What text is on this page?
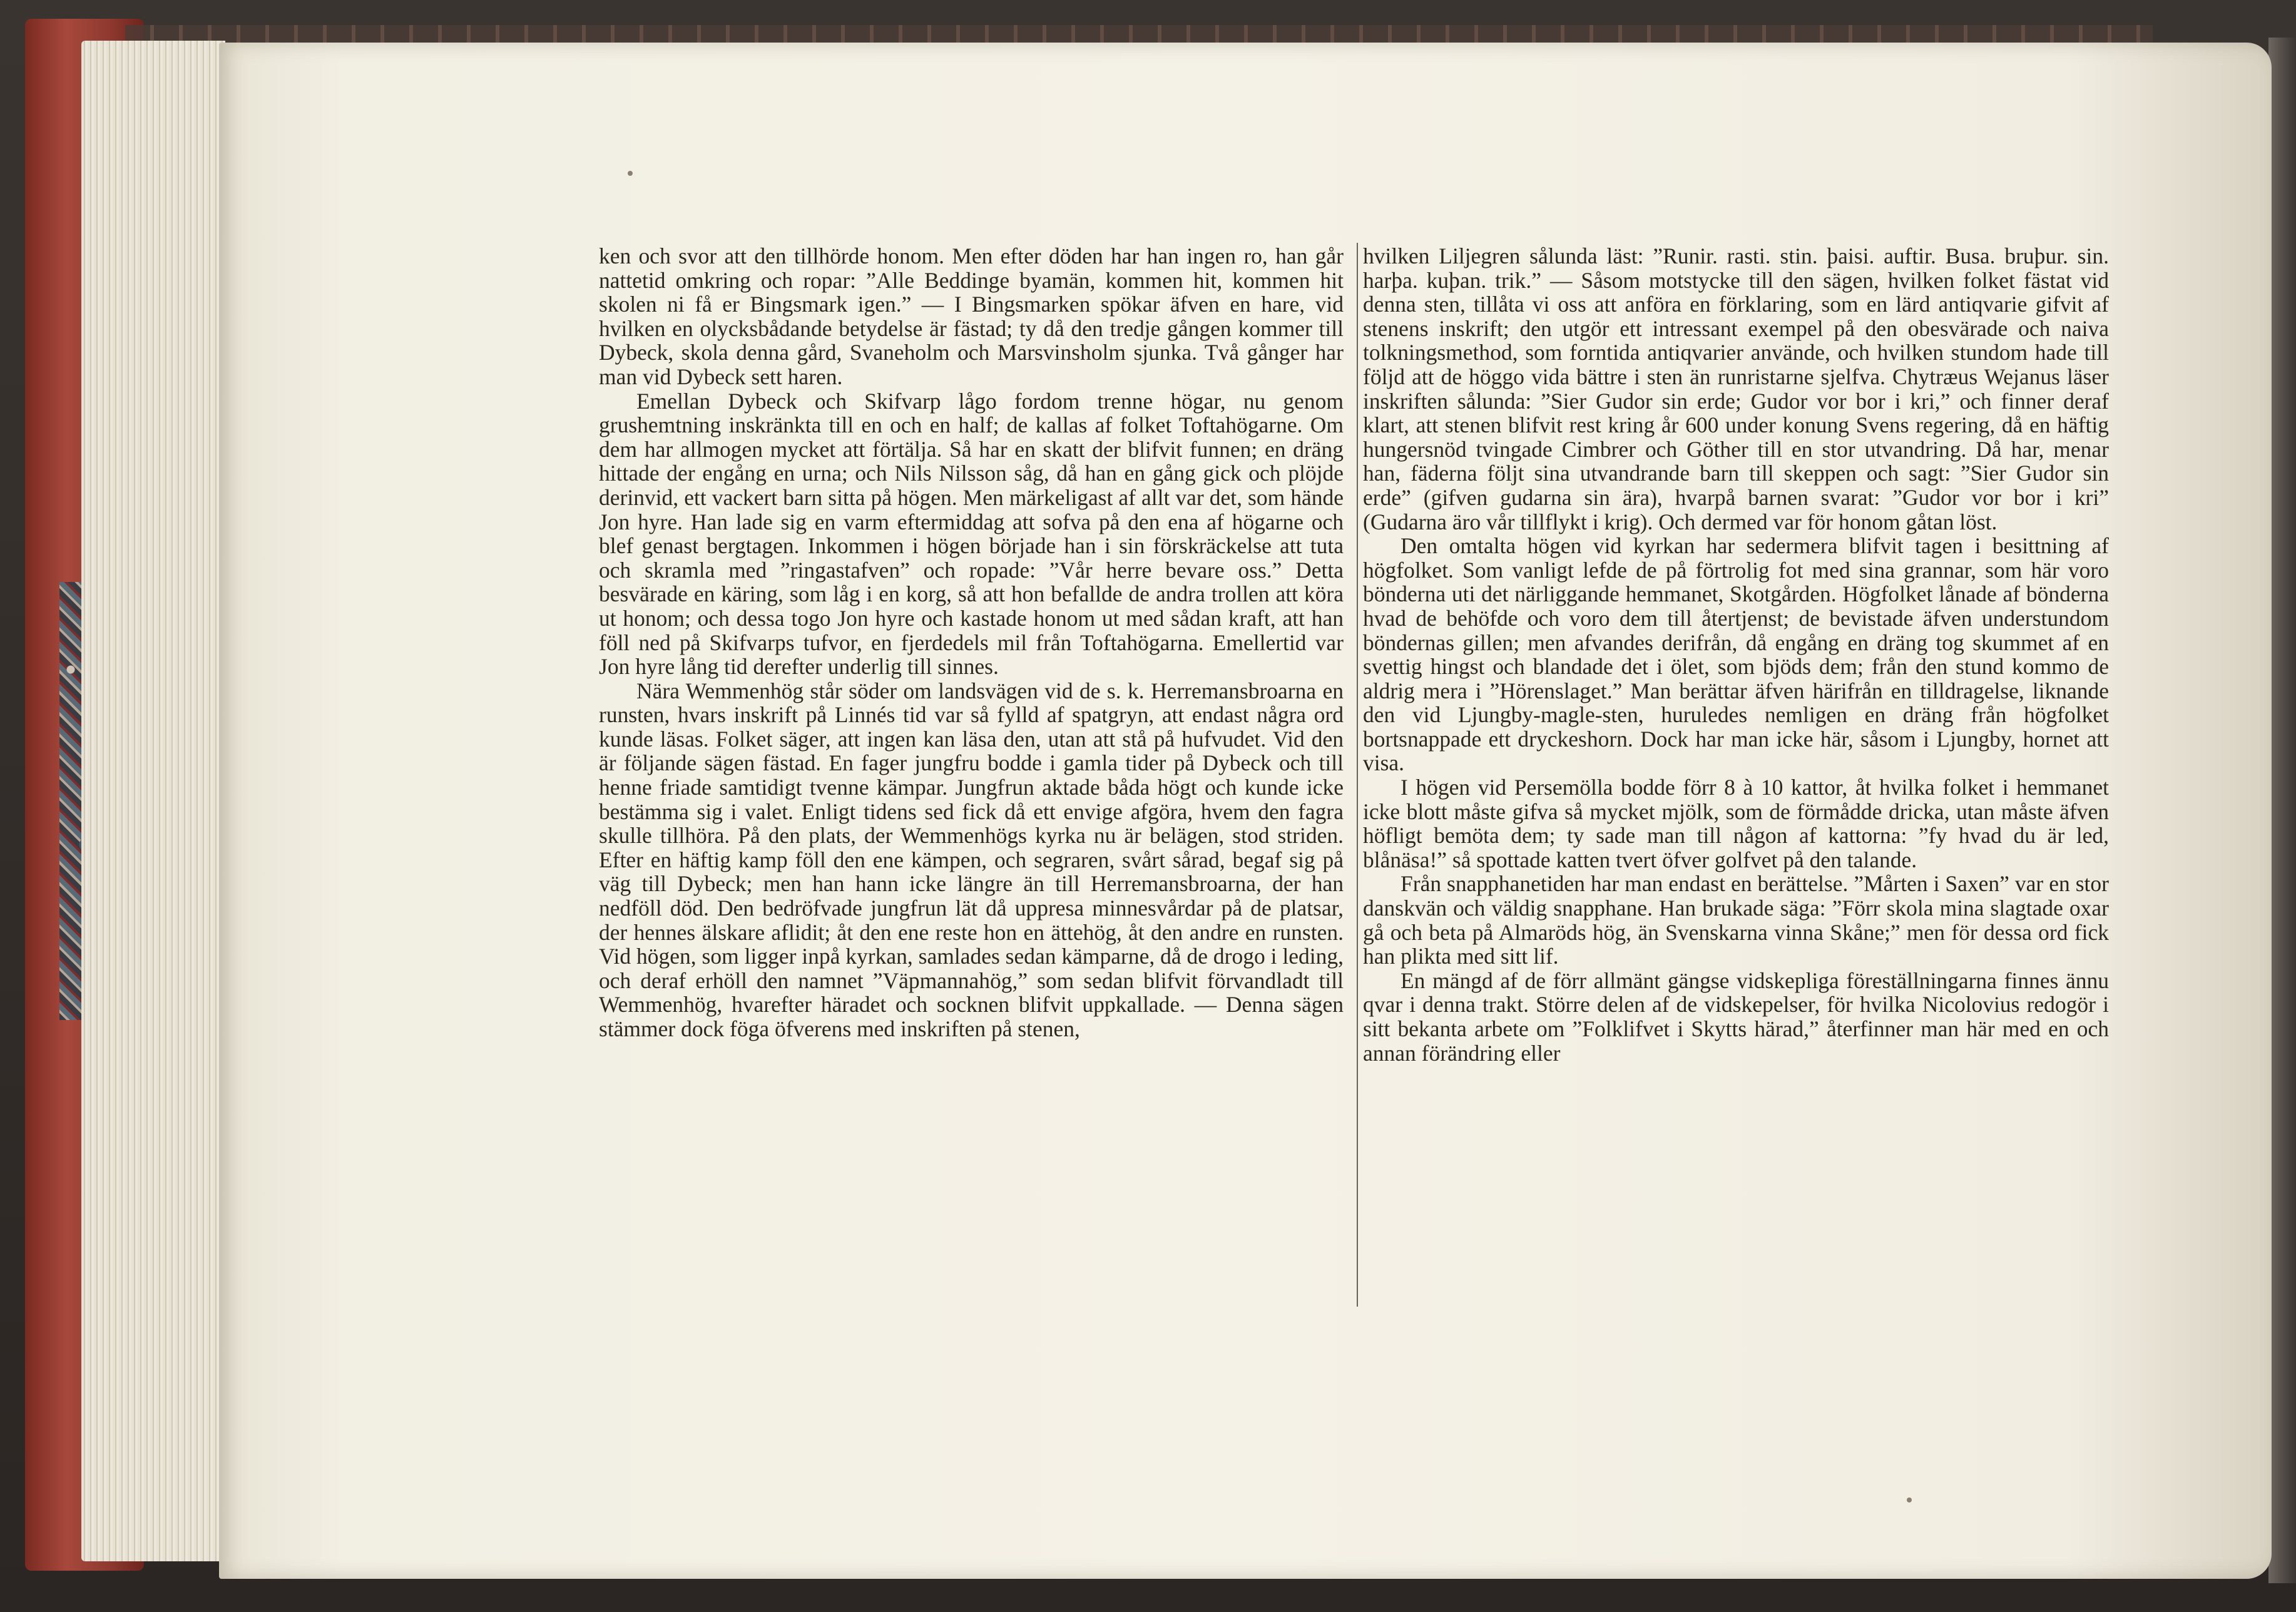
ken och svor att den tillhörde honom. Men efter döden har han ingen ro, han går nattetid omkring och ropar: ”Alle Beddinge byamän, kommen hit, kommen hit skolen ni få er Bingsmark igen.” — I Bingsmarken spökar äfven en hare, vid hvilken en olycksbådande betydelse är fästad; ty då den tredje gången kommer till Dybeck, skola denna gård, Svaneholm och Marsvinsholm sjunka. Två gånger har man vid Dybeck sett haren.

Emellan Dybeck och Skifvarp lågo fordom trenne högar, nu genom grushemtning inskränkta till en och en half; de kallas af folket Toftahögarne. Om dem har allmogen mycket att förtälja. Så har en skatt der blifvit funnen; en dräng hittade der engång en urna; och Nils Nilsson såg, då han en gång gick och plöjde derinvid, ett vackert barn sitta på högen. Men märkeligast af allt var det, som hände Jon hyre. Han lade sig en varm eftermiddag att sofva på den ena af högarne och blef genast bergtagen. Inkommen i högen började han i sin förskräckelse att tuta och skramla med ”ringastafven” och ropade: ”Vår herre bevare oss.” Detta besvärade en käring, som låg i en korg, så att hon befallde de andra trollen att köra ut honom; och dessa togo Jon hyre och kastade honom ut med sådan kraft, att han föll ned på Skifvarps tufvor, en fjerdedels mil från Toftahögarna. Emellertid var Jon hyre lång tid derefter underlig till sinnes.

Nära Wemmenhög står söder om landsvägen vid de s. k. Herremansbroarna en runsten, hvars inskrift på Linnés tid var så fylld af spatgryn, att endast några ord kunde läsas. Folket säger, att ingen kan läsa den, utan att stå på hufvudet. Vid den är följande sägen fästad. En fager jungfru bodde i gamla tider på Dybeck och till henne friade samtidigt tvenne kämpar. Jungfrun aktade båda högt och kunde icke bestämma sig i valet. Enligt tidens sed fick då ett envige afgöra, hvem den fagra skulle tillhöra. På den plats, der Wemmenhögs kyrka nu är belägen, stod striden. Efter en häftig kamp föll den ene kämpen, och segraren, svårt sårad, begaf sig på väg till Dybeck; men han hann icke längre än till Herremansbroarna, der han nedföll död. Den bedröfvade jungfrun lät då uppresa minnesvårdar på de platsar, der hennes älskare aflidit; åt den ene reste hon en ättehög, åt den andre en runsten. Vid högen, som ligger inpå kyrkan, samlades sedan kämparne, då de drogo i leding, och deraf erhöll den namnet ”Väpmannahög,” som sedan blifvit förvandladt till Wemmenhög, hvarefter häradet och socknen blifvit uppkallade. — Denna sägen stämmer dock föga öfverens med inskriften på stenen,

hvilken Liljegren sålunda läst: ”Runir. rasti. stin. þaisi. auftir. Busa. bruþur. sin. harþa. kuþan. trik.” — Såsom motstycke till den sägen, hvilken folket fästat vid denna sten, tillåta vi oss att anföra en förklaring, som en lärd antiqvarie gifvit af stenens inskrift; den utgör ett intressant exempel på den obesvärade och naiva tolkningsmethod, som forntida antiqvarier använde, och hvilken stundom hade till följd att de höggo vida bättre i sten än runristarne sjelfva. Chytræus Wejanus läser inskriften sålunda: ”Sier Gudor sin erde; Gudor vor bor i kri,” och finner deraf klart, att stenen blifvit rest kring år 600 under konung Svens regering, då en häftig hungersnöd tvingade Cimbrer och Göther till en stor utvandring. Då har, menar han, fäderna följt sina utvandrande barn till skeppen och sagt: ”Sier Gudor sin erde” (gifven gudarna sin ära), hvarpå barnen svarat: ”Gudor vor bor i kri” (Gudarna äro vår tillflykt i krig). Och dermed var för honom gåtan löst.

Den omtalta högen vid kyrkan har sedermera blifvit tagen i besittning af högfolket. Som vanligt lefde de på förtrolig fot med sina grannar, som här voro bönderna uti det närliggande hemmanet, Skotgården. Högfolket lånade af bönderna hvad de behöfde och voro dem till återtjenst; de bevistade äfven understundom böndernas gillen; men afvandes derifrån, då engång en dräng tog skummet af en svettig hingst och blandade det i ölet, som bjöds dem; från den stund kommo de aldrig mera i ”Hörenslaget.” Man berättar äfven härifrån en tilldragelse, liknande den vid Ljungby-magle-sten, huruledes nemligen en dräng från högfolket bortsnappade ett dryckeshorn. Dock har man icke här, såsom i Ljungby, hornet att visa.

I högen vid Persemölla bodde förr 8 à 10 kattor, åt hvilka folket i hemmanet icke blott måste gifva så mycket mjölk, som de förmådde dricka, utan måste äfven höfligt bemöta dem; ty sade man till någon af kattorna: ”fy hvad du är led, blånäsa!” så spottade katten tvert öfver golfvet på den talande.

Från snapphanetiden har man endast en berättelse. ”Mårten i Saxen” var en stor danskvän och väldig snapphane. Han brukade säga: ”Förr skola mina slagtade oxar gå och beta på Almaröds hög, än Svenskarna vinna Skåne;” men för dessa ord fick han plikta med sitt lif.

En mängd af de förr allmänt gängse vidskepliga föreställningarna finnes ännu qvar i denna trakt. Större delen af de vidskepelser, för hvilka Nicolovius redogör i sitt bekanta arbete om ”Folklifvet i Skytts härad,” återfinner man här med en och annan förändring eller
